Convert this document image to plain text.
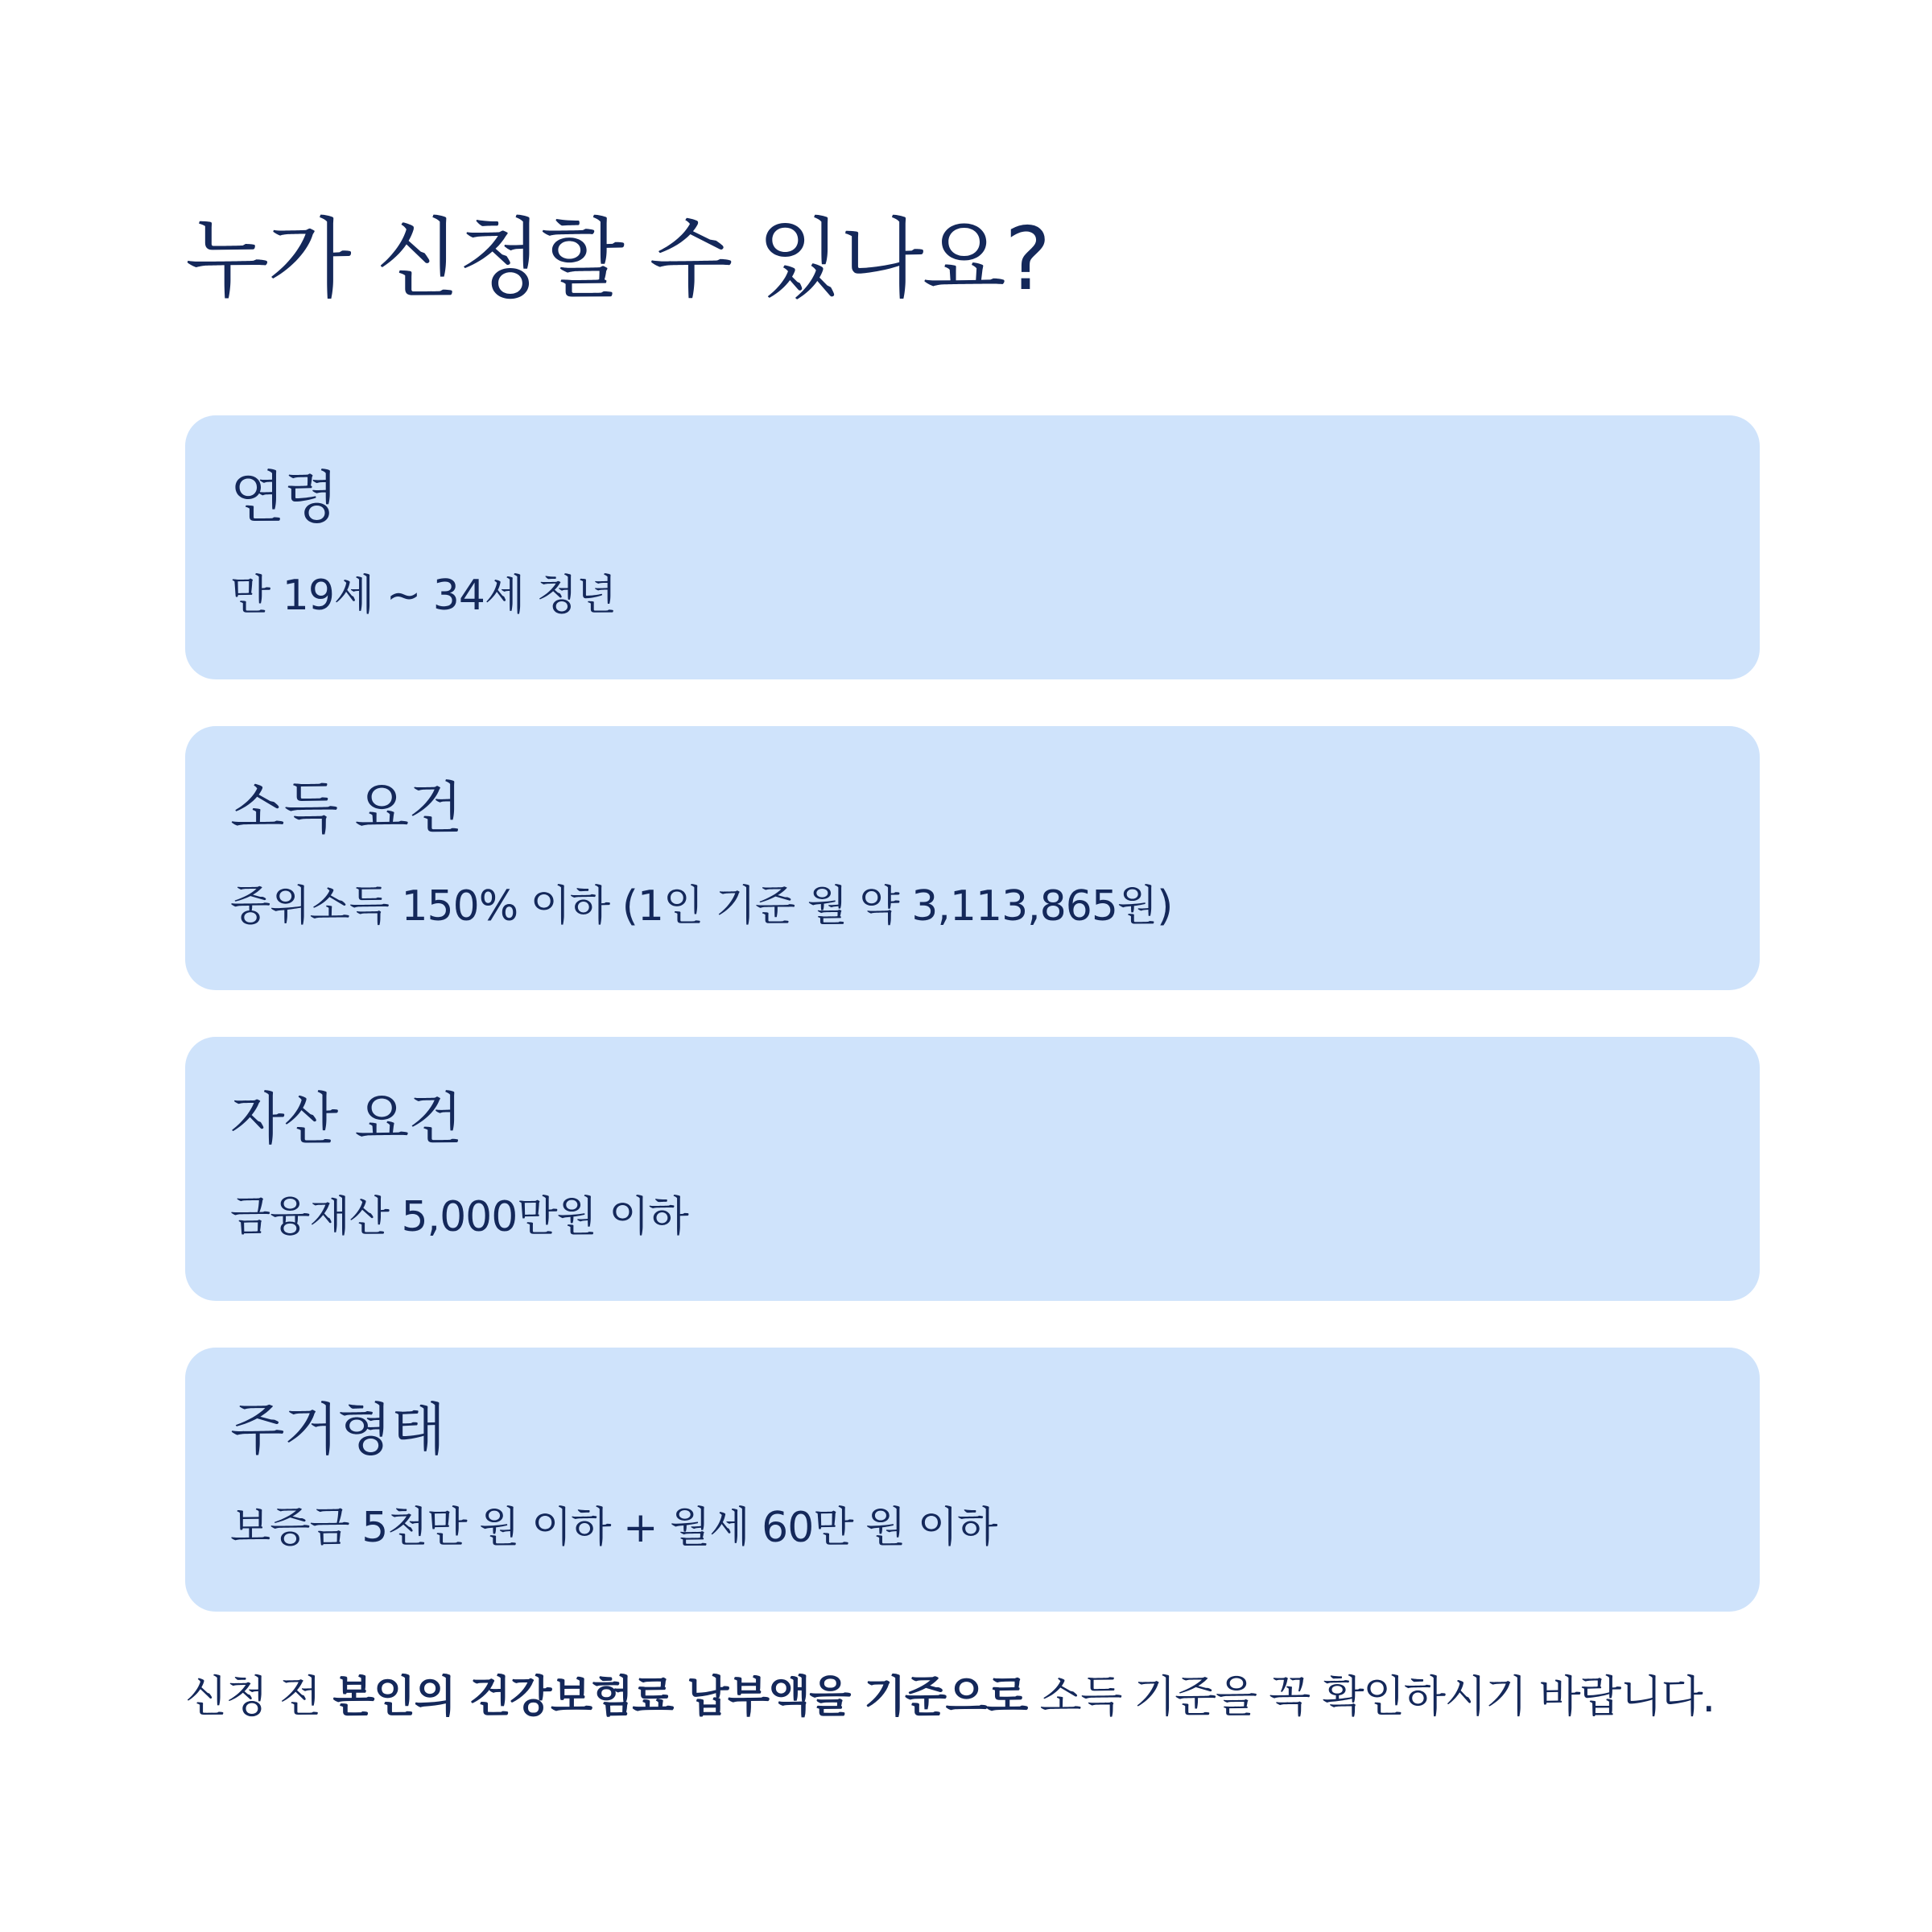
누가 신청할 수 있나요?
연령
만 19세 ~ 34세 청년
소득 요건
중위소득 150% 이하 (1인 기준 월 약 3,113,865원)
자산 요건
금융재산 5,000만원 이하
주거형태
보증금 5천만 원 이하 + 월세 60만 원 이하

신청 전 본인의 건강보험료 납부액을 기준으로 소득 기준을 꼭 확인하시기 바랍니다.
